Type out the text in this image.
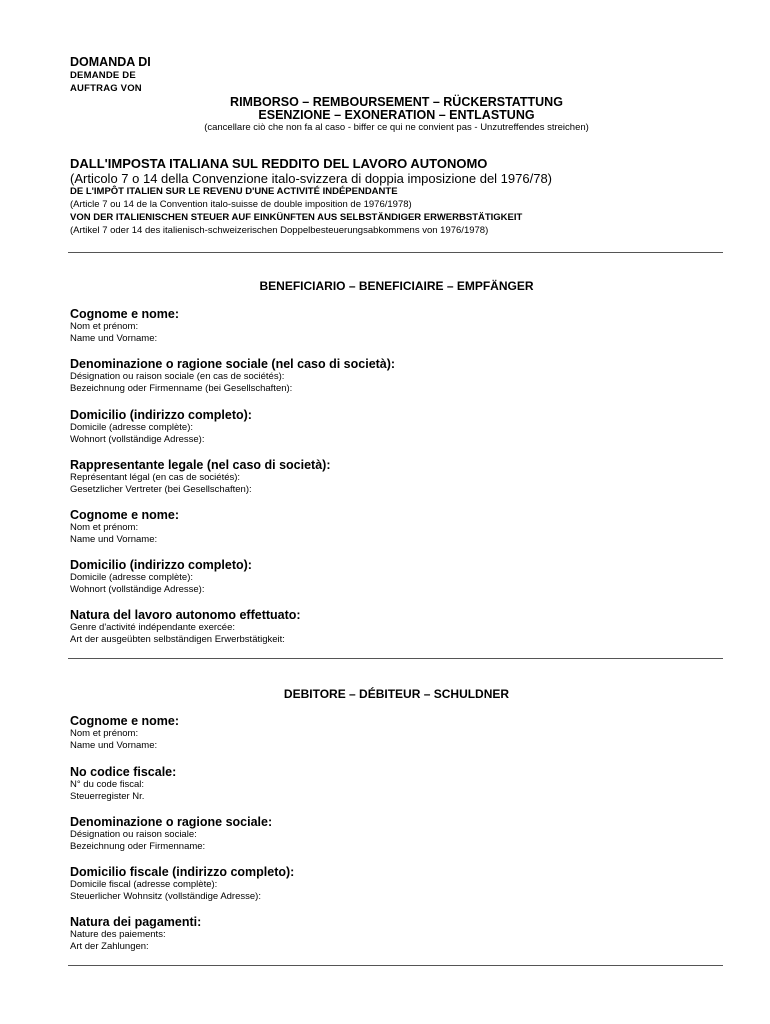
DOMANDA DI
DEMANDE DE
AUFTRAG VON
RIMBORSO – REMBOURSEMENT – RÜCKERSTATTUNG
ESENZIONE – EXONERATION – ENTLASTUNG
(cancellare ciò che non fa al caso - biffer ce qui ne convient pas - Unzutreffendes streichen)
DALL'IMPOSTA ITALIANA SUL REDDITO DEL LAVORO AUTONOMO
(Articolo 7 o 14 della Convenzione italo-svizzera di doppia imposizione del 1976/78)
DE L'IMPÔT ITALIEN SUR LE REVENU D'UNE ACTIVITÉ INDÉPENDANTE
(Article 7 ou 14 de la Convention italo-suisse de double imposition de 1976/1978)
VON DER ITALIENISCHEN STEUER AUF EINKÜNFTEN AUS SELBSTÄNDIGER ERWERBSTÄTIGKEIT
(Artikel 7 oder 14 des italienisch-schweizerischen Doppelbesteuerungsabkommens von 1976/1978)
BENEFICIARIO – BENEFICIAIRE – EMPFÄNGER
Cognome e nome:
Nom et prénom:
Name und Vorname:
Denominazione o ragione sociale (nel caso di società):
Désignation ou raison sociale (en cas de sociétés):
Bezeichnung oder Firmenname (bei Gesellschaften):
Domicilio (indirizzo completo):
Domicile (adresse complète):
Wohnort (vollständige Adresse):
Rappresentante legale (nel caso di società):
Représentant légal (en cas de sociétés):
Gesetzlicher Vertreter (bei Gesellschaften):
Cognome e nome:
Nom et prénom:
Name und Vorname:
Domicilio (indirizzo completo):
Domicile (adresse complète):
Wohnort (vollständige Adresse):
Natura del lavoro autonomo effettuato:
Genre d'activité indépendante exercée:
Art der ausgeübten selbständigen Erwerbstätigkeit:
DEBITORE – DÉBITEUR – SCHULDNER
Cognome e nome:
Nom et prénom:
Name und Vorname:
No codice fiscale:
N° du code fiscal:
Steuerregister Nr.
Denominazione o ragione sociale:
Désignation ou raison sociale:
Bezeichnung oder Firmenname:
Domicilio fiscale (indirizzo completo):
Domicile fiscal (adresse complète):
Steuerlicher Wohnsitz (vollständige Adresse):
Natura dei pagamenti:
Nature des paiements:
Art der Zahlungen:
